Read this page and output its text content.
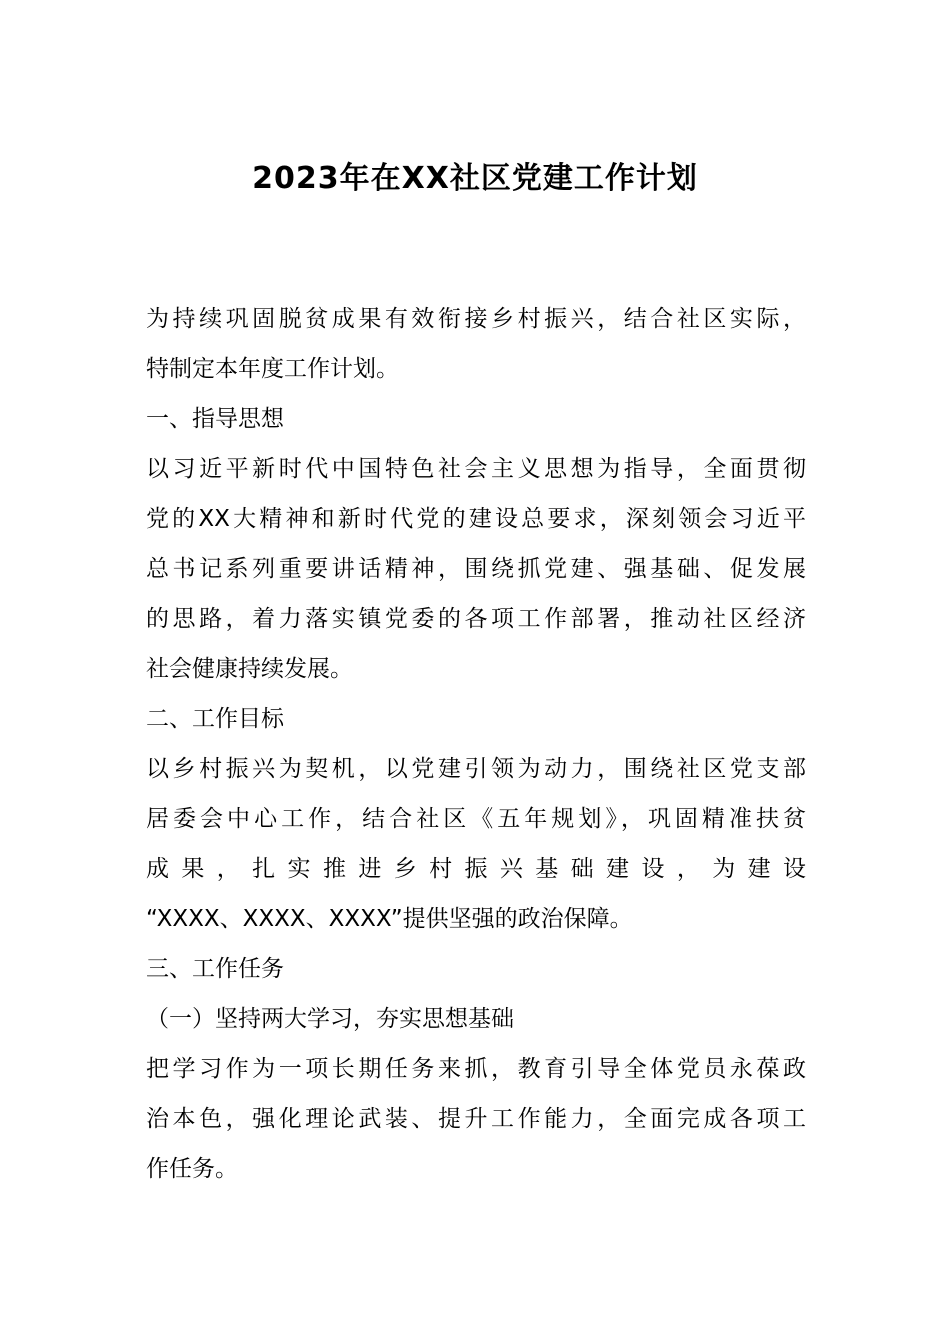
2023年在XX社区党建工作计划
为持续巩固脱贫成果有效衔接乡村振兴，结合社区实际，
特制定本年度工作计划。
一、指导思想
以习近平新时代中国特色社会主义思想为指导，全面贯彻
党的XX大精神和新时代党的建设总要求，深刻领会习近平
总书记系列重要讲话精神，围绕抓党建、强基础、促发展
的思路，着力落实镇党委的各项工作部署，推动社区经济
社会健康持续发展。
二、工作目标
以乡村振兴为契机，以党建引领为动力，围绕社区党支部
居委会中心工作，结合社区《五年规划》，巩固精准扶贫
成果，扎实推进乡村振兴基础建设，为建设
“XXXX、XXXX、XXXX”提供坚强的政治保障。
三、工作任务
（一）坚持两大学习，夯实思想基础
把学习作为一项长期任务来抓，教育引导全体党员永葆政
治本色，强化理论武装、提升工作能力，全面完成各项工
作任务。
